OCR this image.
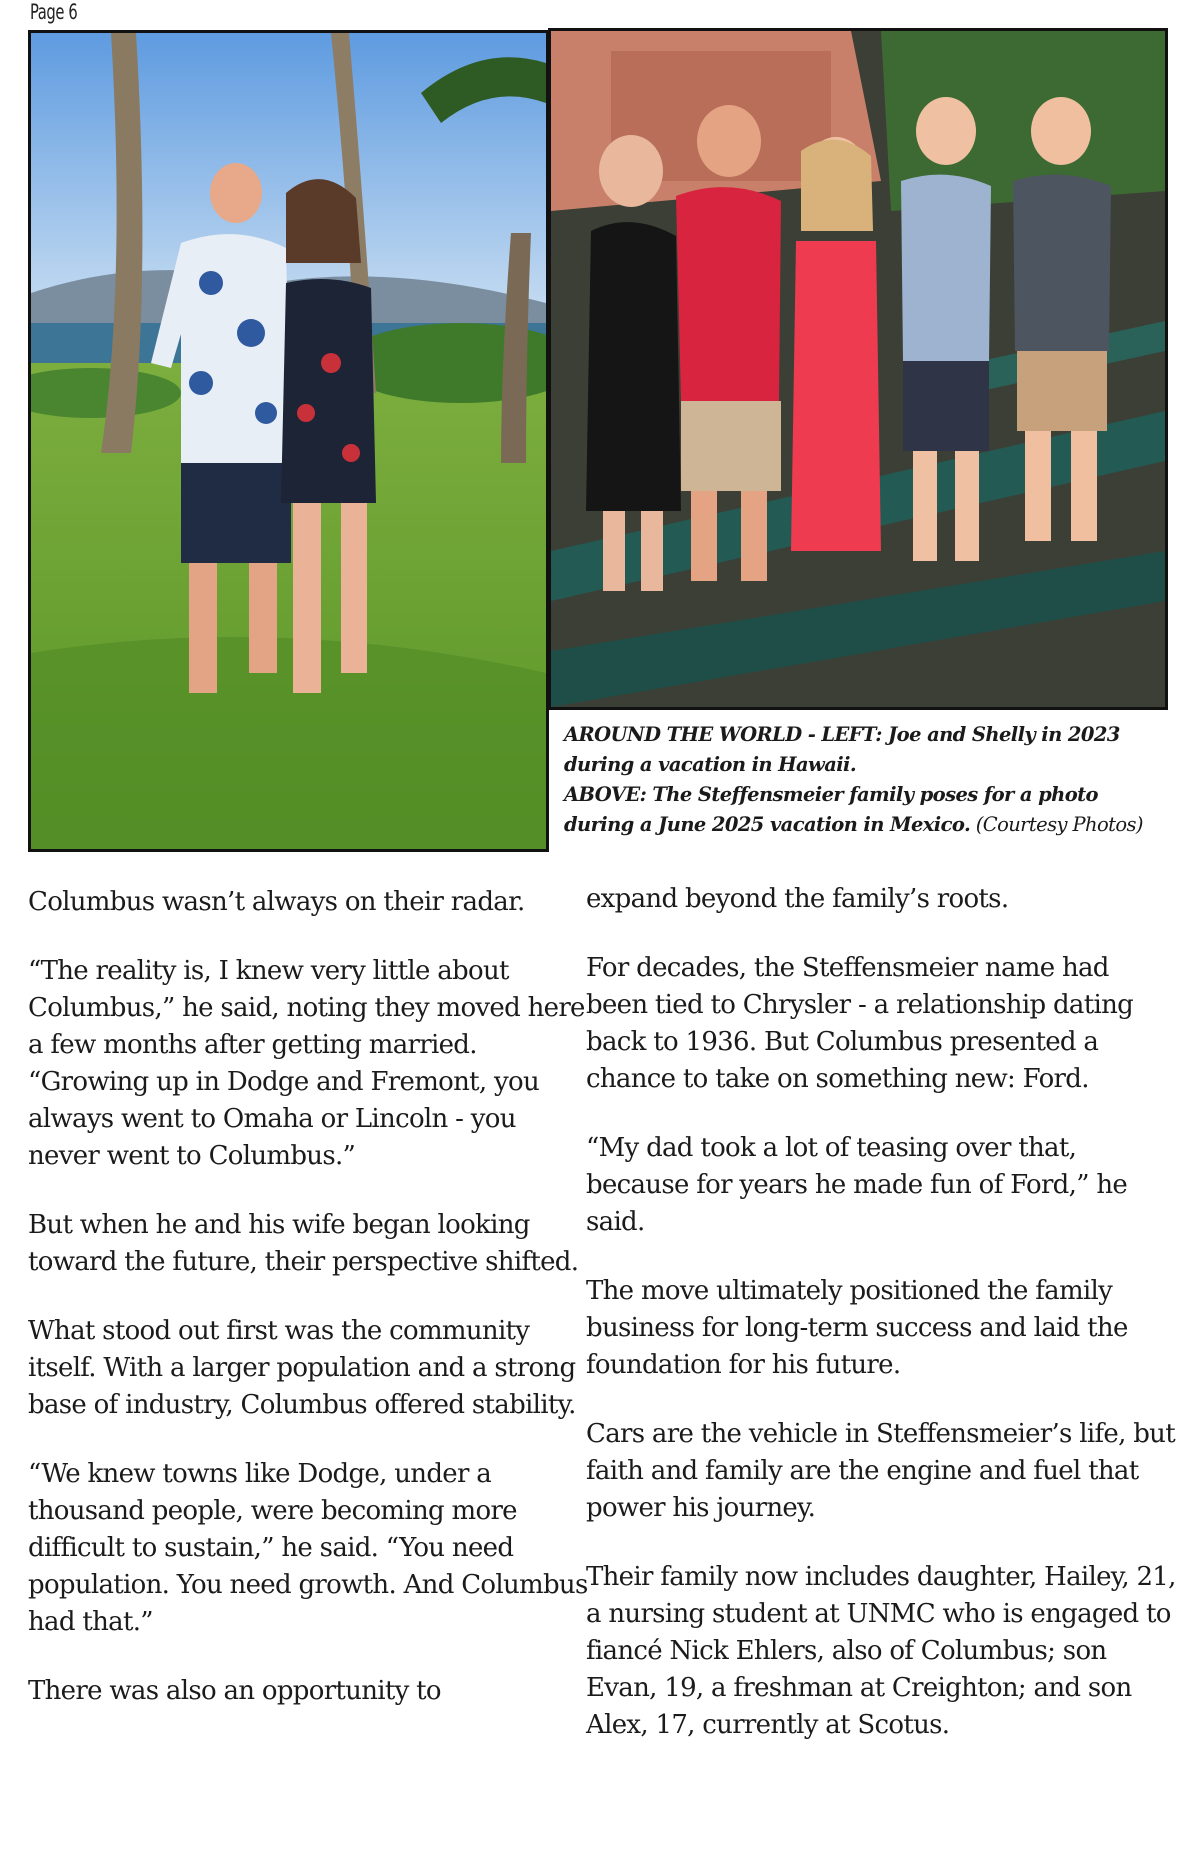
Page 6
AROUND THE WORLD - LEFT: Joe and Shelly in 2023
during a vacation in Hawaii.
ABOVE: The Steffensmeier family poses for a photo
during a June 2025 vacation in Mexico. (Courtesy Photos)

Columbus wasn’t always on their radar.

“The reality is, I knew very little about Columbus,” he said, noting they moved here a few months after getting married. “Growing up in Dodge and Fremont, you always went to Omaha or Lincoln - you never went to Columbus.”

But when he and his wife began looking toward the future, their perspective shifted.

What stood out first was the community itself. With a larger population and a strong base of industry, Columbus offered stability.

“We knew towns like Dodge, under a thousand people, were becoming more difficult to sustain,” he said. “You need population. You need growth. And Columbus had that.”

There was also an opportunity to

expand beyond the family’s roots.

For decades, the Steffensmeier name had been tied to Chrysler - a relationship dating back to 1936. But Columbus presented a chance to take on something new: Ford.

“My dad took a lot of teasing over that, because for years he made fun of Ford,” he said.

The move ultimately positioned the family business for long-term success and laid the foundation for his future.

Cars are the vehicle in Steffensmeier’s life, but faith and family are the engine and fuel that power his journey.

Their family now includes daughter, Hailey, 21, a nursing student at UNMC who is engaged to fiancé Nick Ehlers, also of Columbus; son Evan, 19, a freshman at Creighton; and son Alex, 17, currently at Scotus.
